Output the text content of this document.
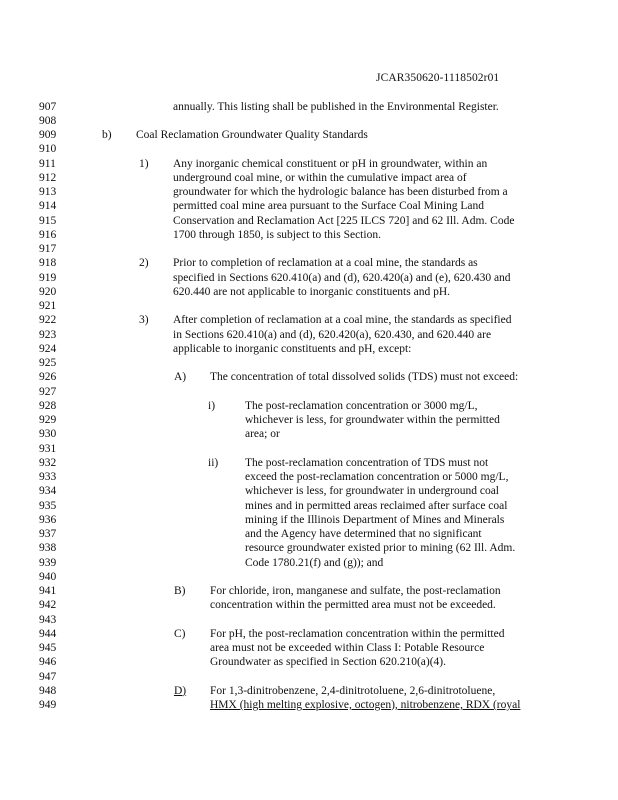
JCAR350620-1118502r01
907	annually. This listing shall be published in the Environmental Register.
908
909	b) Coal Reclamation Groundwater Quality Standards
910
911	1) Any inorganic chemical constituent or pH in groundwater, within an
912	underground coal mine, or within the cumulative impact area of
913	groundwater for which the hydrologic balance has been disturbed from a
914	permitted coal mine area pursuant to the Surface Coal Mining Land
915	Conservation and Reclamation Act [225 ILCS 720] and 62 Ill. Adm. Code
916	1700 through 1850, is subject to this Section.
917
918	2) Prior to completion of reclamation at a coal mine, the standards as
919	specified in Sections 620.410(a) and (d), 620.420(a) and (e), 620.430 and
920	620.440 are not applicable to inorganic constituents and pH.
921
922	3) After completion of reclamation at a coal mine, the standards as specified
923	in Sections 620.410(a) and (d), 620.420(a), 620.430, and 620.440 are
924	applicable to inorganic constituents and pH, except:
925
926	A) The concentration of total dissolved solids (TDS) must not exceed:
927
928	i)	The post-reclamation concentration or 3000 mg/L,
929	whichever is less, for groundwater within the permitted
930	area; or
931
932	ii) The post-reclamation concentration of TDS must not
933	exceed the post-reclamation concentration or 5000 mg/L,
934	whichever is less, for groundwater in underground coal
935	mines and in permitted areas reclaimed after surface coal
936	mining if the Illinois Department of Mines and Minerals
937	and the Agency have determined that no significant
938	resource groundwater existed prior to mining (62 Ill. Adm.
939	Code 1780.21(f) and (g)); and
940
941	B) For chloride, iron, manganese and sulfate, the post-reclamation
942	concentration within the permitted area must not be exceeded.
943
944	C) For pH, the post-reclamation concentration within the permitted
945	area must not be exceeded within Class I: Potable Resource
946	Groundwater as specified in Section 620.210(a)(4).
947
948	D) For 1,3-dinitrobenzene, 2,4-dinitrotoluene, 2,6-dinitrotoluene,
949	HMX (high melting explosive, octogen), nitrobenzene, RDX (royal
